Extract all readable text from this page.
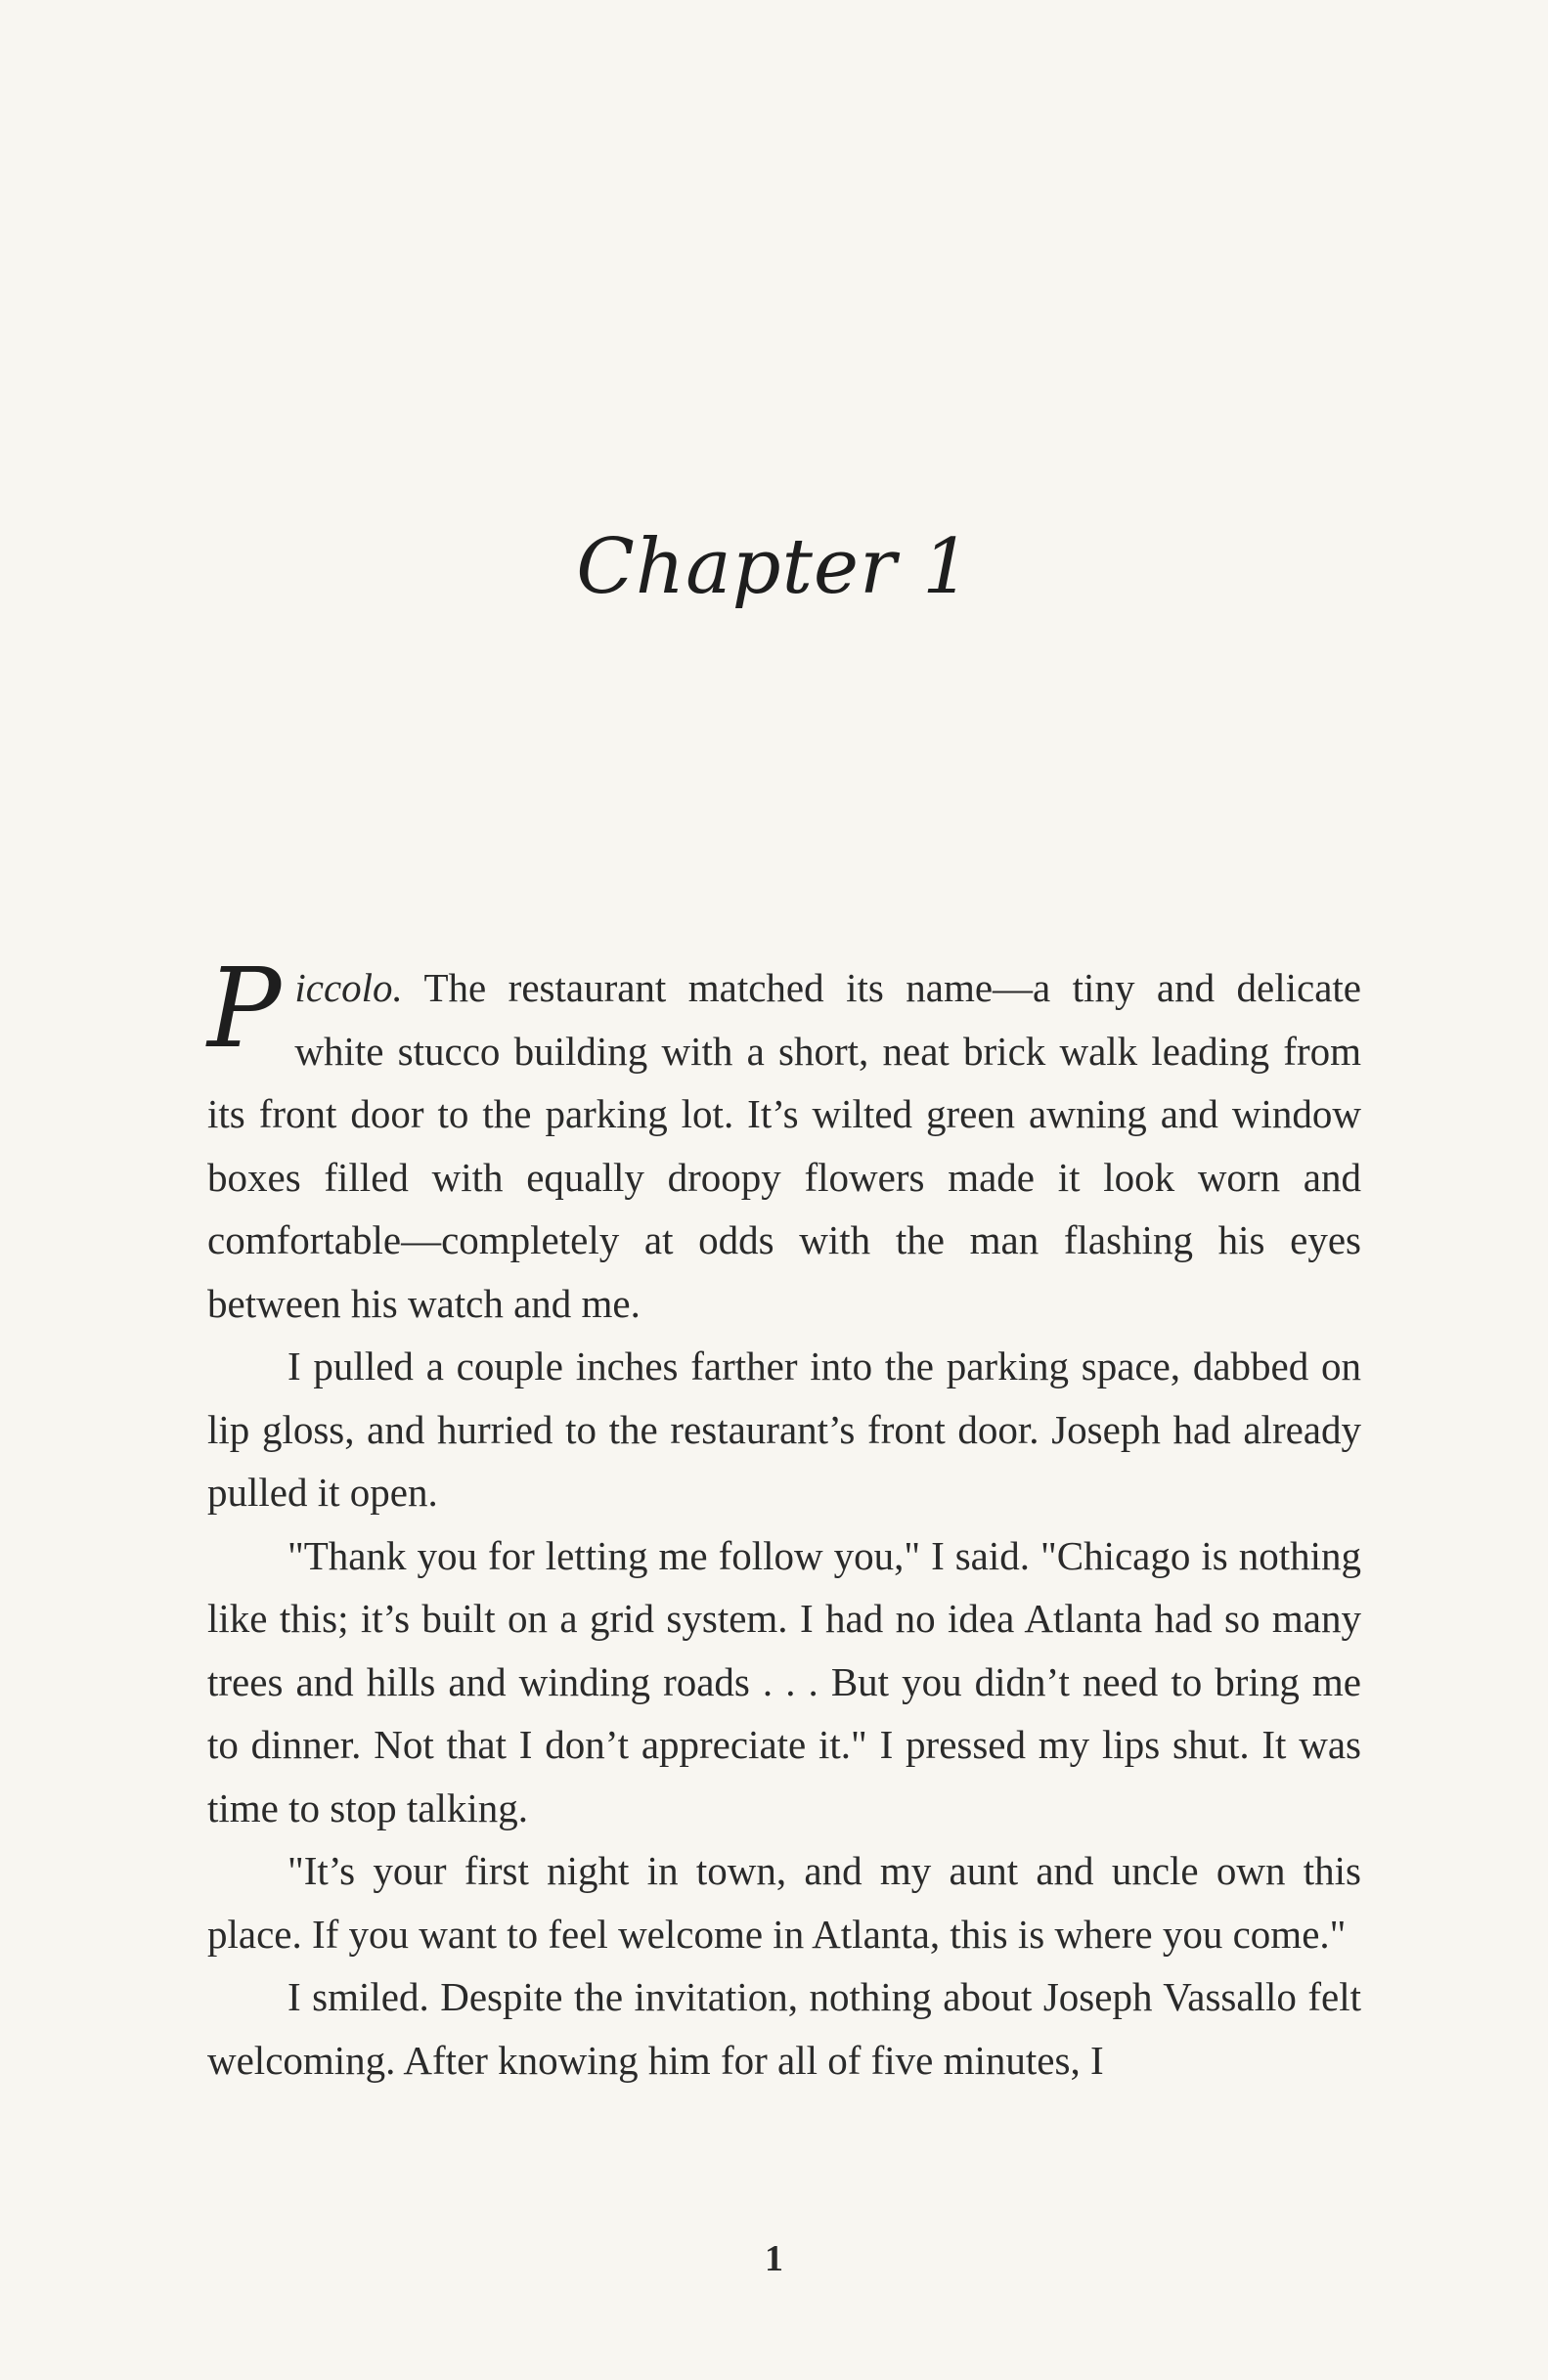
Chapter 1

Piccolo. The restaurant matched its name—a tiny and delicate white stucco building with a short, neat brick walk leading from its front door to the parking lot. It’s wilted green awning and window boxes filled with equally droopy flowers made it look worn and comfortable—completely at odds with the man flashing his eyes between his watch and me.

I pulled a couple inches farther into the parking space, dabbed on lip gloss, and hurried to the restaurant’s front door. Joseph had already pulled it open.

"Thank you for letting me follow you," I said. "Chicago is nothing like this; it’s built on a grid system. I had no idea Atlanta had so many trees and hills and winding roads . . . But you didn’t need to bring me to dinner. Not that I don’t appreciate it." I pressed my lips shut. It was time to stop talking.

"It’s your first night in town, and my aunt and uncle own this place. If you want to feel welcome in Atlanta, this is where you come."

I smiled. Despite the invitation, nothing about Joseph Vassallo felt welcoming. After knowing him for all of five minutes, I

1
